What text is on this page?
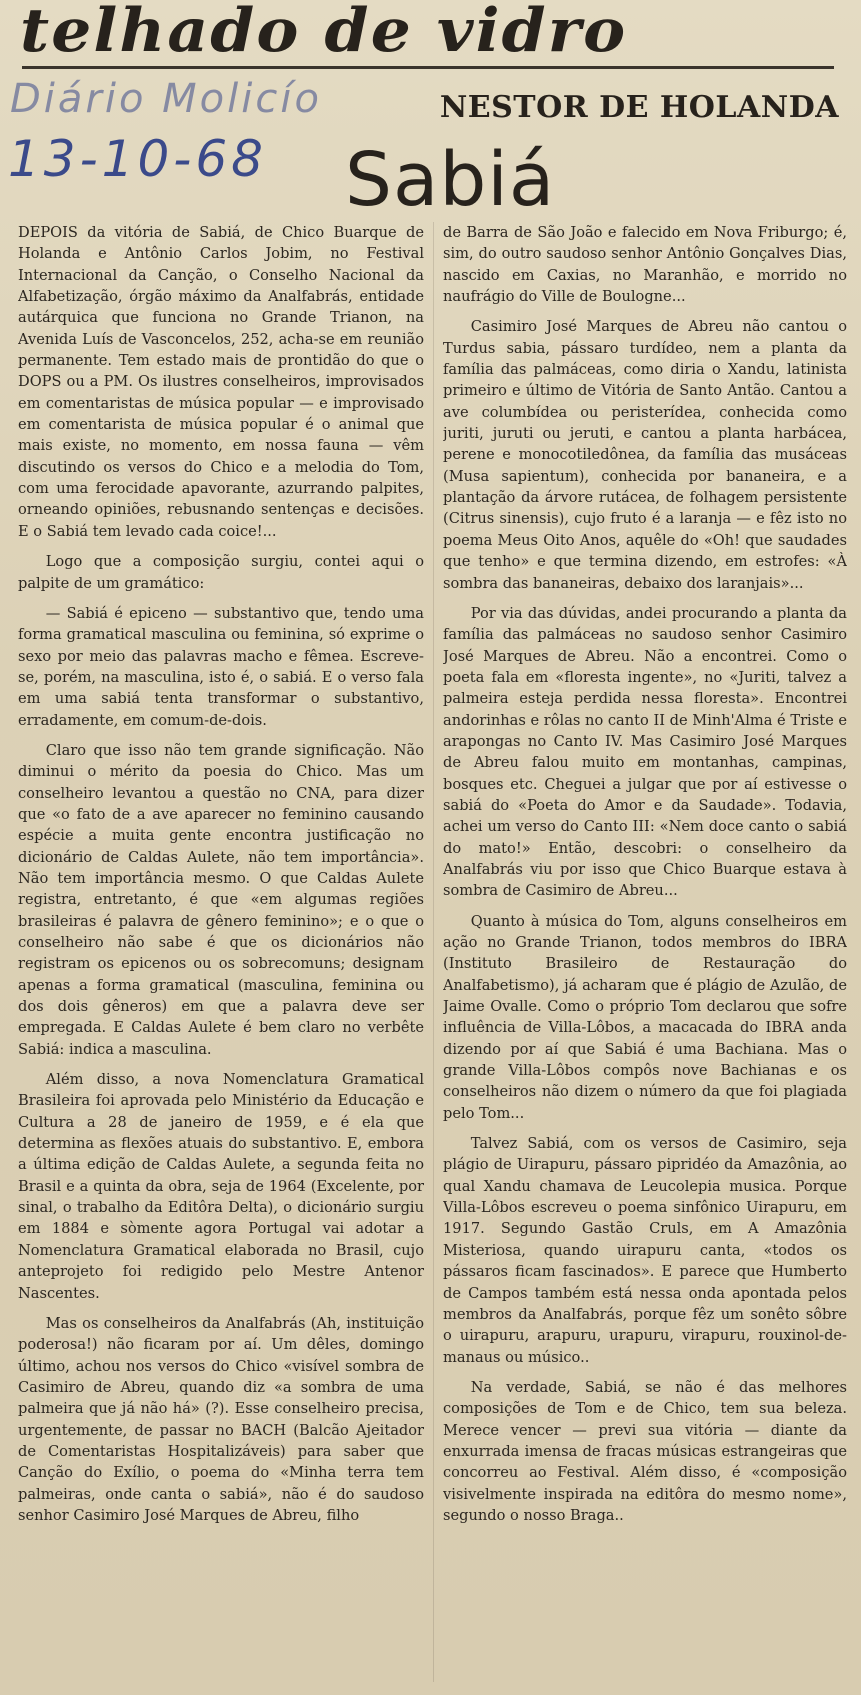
telhado de vidro
Diário Molicío
13-10-68
NESTOR DE HOLANDA
Sabiá

DEPOIS da vitória de Sabiá, de Chico Buarque de Holanda e Antônio Carlos Jobim, no Festival Internacional da Canção, o Conselho Nacional da Alfabetização, órgão máximo da Analfabrás, entidade autárquica que funciona no Grande Trianon, na Avenida Luís de Vasconcelos, 252, acha-se em reunião permanente. Tem estado mais de prontidão do que o DOPS ou a PM. Os ilustres conselheiros, improvisados em comentaristas de música popular — e improvisado em comentarista de música popular é o animal que mais existe, no momento, em nossa fauna — vêm discutindo os versos do Chico e a melodia do Tom, com uma ferocidade apavorante, azurrando palpites, orneando opiniões, rebusnando sentenças e decisões. E o Sabiá tem levado cada coice!...

Logo que a composição surgiu, contei aqui o palpite de um gramático:

— Sabiá é epiceno — substantivo que, tendo uma forma gramatical masculina ou feminina, só exprime o sexo por meio das palavras macho e fêmea. Escreve-se, porém, na masculina, isto é, o sabiá. E o verso fala em uma sabiá tenta transformar o substantivo, erradamente, em comum-de-dois.

Claro que isso não tem grande significação. Não diminui o mérito da poesia do Chico. Mas um conselheiro levantou a questão no CNA, para dizer que «o fato de a ave aparecer no feminino causando espécie a muita gente encontra justificação no dicionário de Caldas Aulete, não tem importância». Não tem importância mesmo. O que Caldas Aulete registra, entretanto, é que «em algumas regiões brasileiras é palavra de gênero feminino»; e o que o conselheiro não sabe é que os dicionários não registram os epicenos ou os sobrecomuns; designam apenas a forma gramatical (masculina, feminina ou dos dois gêneros) em que a palavra deve ser empregada. E Caldas Aulete é bem claro no verbête Sabiá: indica a masculina.

Além disso, a nova Nomenclatura Gramatical Brasileira foi aprovada pelo Ministério da Educação e Cultura a 28 de janeiro de 1959, e é ela que determina as flexões atuais do substantivo. E, embora a última edição de Caldas Aulete, a segunda feita no Brasil e a quinta da obra, seja de 1964 (Excelente, por sinal, o trabalho da Editôra Delta), o dicionário surgiu em 1884 e sòmente agora Portugal vai adotar a Nomenclatura Gramatical elaborada no Brasil, cujo anteprojeto foi redigido pelo Mestre Antenor Nascentes.

Mas os conselheiros da Analfabrás (Ah, instituição poderosa!) não ficaram por aí. Um dêles, domingo último, achou nos versos do Chico «visível sombra de Casimiro de Abreu, quando diz «a sombra de uma palmeira que já não há» (?). Esse conselheiro precisa, urgentemente, de passar no BACH (Balcão Ajeitador de Comentaristas Hospitalizáveis) para saber que Canção do Exílio, o poema do «Minha terra tem palmeiras, onde canta o sabiá», não é do saudoso senhor Casimiro José Marques de Abreu, filho

de Barra de São João e falecido em Nova Friburgo; é, sim, do outro saudoso senhor Antônio Gonçalves Dias, nascido em Caxias, no Maranhão, e morrido no naufrágio do Ville de Boulogne...

Casimiro José Marques de Abreu não cantou o Turdus sabia, pássaro turdídeo, nem a planta da família das palmáceas, como diria o Xandu, latinista primeiro e último de Vitória de Santo Antão. Cantou a ave columbídea ou peristerídea, conhecida como juriti, juruti ou jeruti, e cantou a planta harbácea, perene e monocotiledônea, da família das musáceas (Musa sapientum), conhecida por bananeira, e a plantação da árvore rutácea, de folhagem persistente (Citrus sinensis), cujo fruto é a laranja — e fêz isto no poema Meus Oito Anos, aquêle do «Oh! que saudades que tenho» e que termina dizendo, em estrofes: «À sombra das bananeiras, debaixo dos laranjais»...

Por via das dúvidas, andei procurando a planta da família das palmáceas no saudoso senhor Casimiro José Marques de Abreu. Não a encontrei. Como o poeta fala em «floresta ingente», no «Juriti, talvez a palmeira esteja perdida nessa floresta». Encontrei andorinhas e rôlas no canto II de Minh'Alma é Triste e arapongas no Canto IV. Mas Casimiro José Marques de Abreu falou muito em montanhas, campinas, bosques etc. Cheguei a julgar que por aí estivesse o sabiá do «Poeta do Amor e da Saudade». Todavia, achei um verso do Canto III: «Nem doce canto o sabiá do mato!» Então, descobri: o conselheiro da Analfabrás viu por isso que Chico Buarque estava à sombra de Casimiro de Abreu...

Quanto à música do Tom, alguns conselheiros em ação no Grande Trianon, todos membros do IBRA (Instituto Brasileiro de Restauração do Analfabetismo), já acharam que é plágio de Azulão, de Jaime Ovalle. Como o próprio Tom declarou que sofre influência de Villa-Lôbos, a macacada do IBRA anda dizendo por aí que Sabiá é uma Bachiana. Mas o grande Villa-Lôbos compôs nove Bachianas e os conselheiros não dizem o número da que foi plagiada pelo Tom...

Talvez Sabiá, com os versos de Casimiro, seja plágio de Uirapuru, pássaro pipridéo da Amazônia, ao qual Xandu chamava de Leucolepia musica. Porque Villa-Lôbos escreveu o poema sinfônico Uirapuru, em 1917. Segundo Gastão Cruls, em A Amazônia Misteriosa, quando uirapuru canta, «todos os pássaros ficam fascinados». E parece que Humberto de Campos também está nessa onda apontada pelos membros da Analfabrás, porque fêz um sonêto sôbre o uirapuru, arapuru, urapuru, virapuru, rouxinol-de-manaus ou músico..

Na verdade, Sabiá, se não é das melhores composições de Tom e de Chico, tem sua beleza. Merece vencer — previ sua vitória — diante da enxurrada imensa de fracas músicas estrangeiras que concorreu ao Festival. Além disso, é «composição visivelmente inspirada na editôra do mesmo nome», segundo o nosso Braga..
